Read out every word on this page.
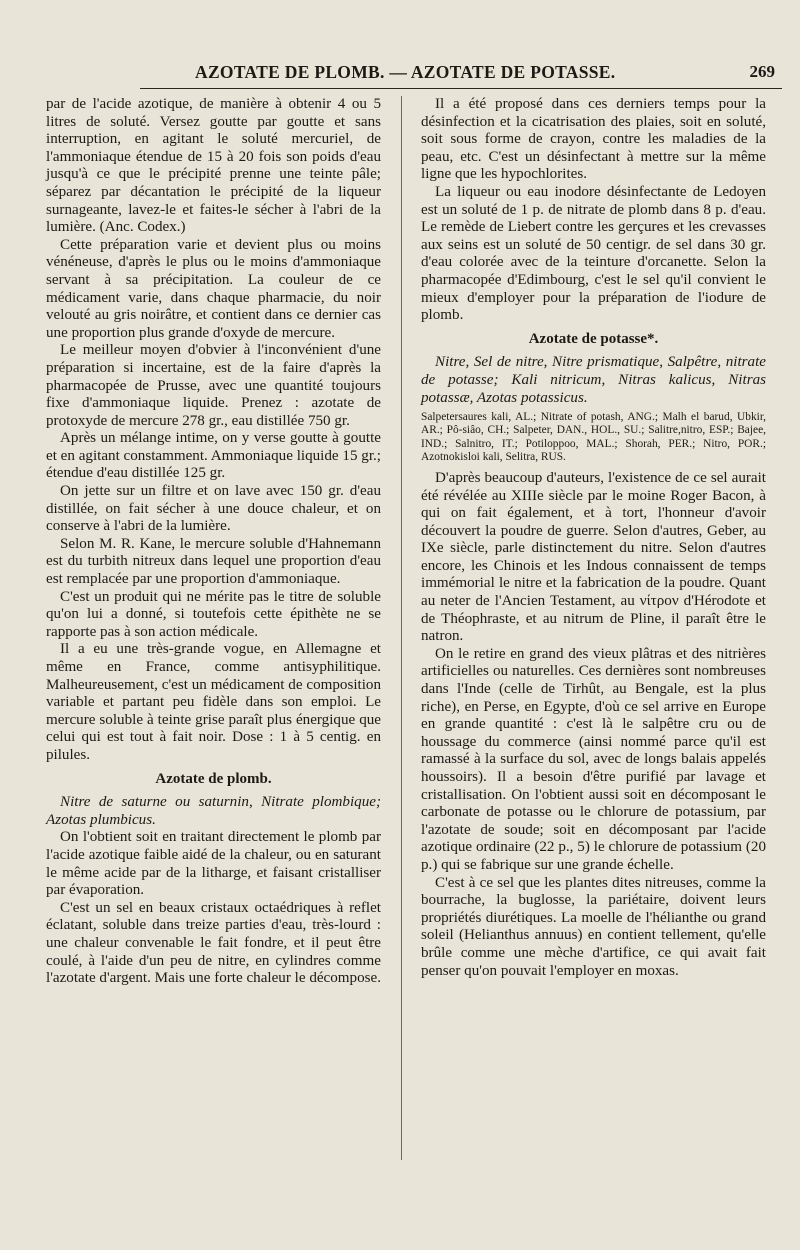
AZOTATE DE PLOMB. — AZOTATE DE POTASSE.	269

par de l'acide azotique, de manière à obtenir 4 ou 5 litres de soluté. Versez goutte par goutte et sans interruption, en agitant le soluté mercuriel, de l'ammoniaque étendue de 15 à 20 fois son poids d'eau jusqu'à ce que le précipité prenne une teinte pâle; séparez par décantation le précipité de la liqueur surnageante, lavez-le et faites-le sécher à l'abri de la lumière. (Anc. Codex.)

Cette préparation varie et devient plus ou moins vénéneuse, d'après le plus ou le moins d'ammoniaque servant à sa précipitation. La couleur de ce médicament varie, dans chaque pharmacie, du noir velouté au gris noirâtre, et contient dans ce dernier cas une proportion plus grande d'oxyde de mercure.

Le meilleur moyen d'obvier à l'inconvénient d'une préparation si incertaine, est de la faire d'après la pharmacopée de Prusse, avec une quantité toujours fixe d'ammoniaque liquide. Prenez : azotate de protoxyde de mercure 278 gr., eau distillée 750 gr.

Après un mélange intime, on y verse goutte à goutte et en agitant constamment. Ammoniaque liquide 15 gr.; étendue d'eau distillée 125 gr.

On jette sur un filtre et on lave avec 150 gr. d'eau distillée, on fait sécher à une douce chaleur, et on conserve à l'abri de la lumière.

Selon M. R. Kane, le mercure soluble d'Hahnemann est du turbith nitreux dans lequel une proportion d'eau est remplacée par une proportion d'ammoniaque.

C'est un produit qui ne mérite pas le titre de soluble qu'on lui a donné, si toutefois cette épithète ne se rapporte pas à son action médicale.

Il a eu une très-grande vogue, en Allemagne et même en France, comme antisyphilitique. Malheureusement, c'est un médicament de composition variable et partant peu fidèle dans son emploi. Le mercure soluble à teinte grise paraît plus énergique que celui qui est tout à fait noir. Dose : 1 à 5 centig. en pilules.

Azotate de plomb.

Nitre de saturne ou saturnin, Nitrate plombique; Azotas plumbicus.

On l'obtient soit en traitant directement le plomb par l'acide azotique faible aidé de la chaleur, ou en saturant le même acide par de la litharge, et faisant cristalliser par évaporation.

C'est un sel en beaux cristaux octaédriques à reflet éclatant, soluble dans treize parties d'eau, très-lourd : une chaleur convenable le fait fondre, et il peut être coulé, à l'aide d'un peu de nitre, en cylindres comme l'azotate d'argent. Mais une forte chaleur le décompose.

Il a été proposé dans ces derniers temps pour la désinfection et la cicatrisation des plaies, soit en soluté, soit sous forme de crayon, contre les maladies de la peau, etc. C'est un désinfectant à mettre sur la même ligne que les hypochlorites.

La liqueur ou eau inodore désinfectante de Ledoyen est un soluté de 1 p. de nitrate de plomb dans 8 p. d'eau. Le remède de Liebert contre les gerçures et les crevasses aux seins est un soluté de 50 centigr. de sel dans 30 gr. d'eau colorée avec de la teinture d'orcanette. Selon la pharmacopée d'Edimbourg, c'est le sel qu'il convient le mieux d'employer pour la préparation de l'iodure de plomb.

Azotate de potasse*.

Nitre, Sel de nitre, Nitre prismatique, Salpêtre, nitrate de potasse; Kali nitricum, Nitras kalicus, Nitras potassæ, Azotas potassicus.

Salpetersaures kali, AL.; Nitrate of potash, ANG.; Malh el barud, Ubkir, AR.; Pô-siâo, CH.; Salpeter, DAN., HOL., SU.; Salitre,nitro, ESP.; Bajee, IND.; Salnitro, IT.; Potiloppoo, MAL.; Shorah, PER.; Nitro, POR.; Azotnokisloi kali, Selitra, RUS.

D'après beaucoup d'auteurs, l'existence de ce sel aurait été révélée au XIIIe siècle par le moine Roger Bacon, à qui on fait également, et à tort, l'honneur d'avoir découvert la poudre de guerre. Selon d'autres, Geber, au IXe siècle, parle distinctement du nitre. Selon d'autres encore, les Chinois et les Indous connaissent de temps immémorial le nitre et la fabrication de la poudre. Quant au neter de l'Ancien Testament, au νίτρον d'Hérodote et de Théophraste, et au nitrum de Pline, il paraît être le natron.

On le retire en grand des vieux plâtras et des nitrières artificielles ou naturelles. Ces dernières sont nombreuses dans l'Inde (celle de Tirhût, au Bengale, est la plus riche), en Perse, en Egypte, d'où ce sel arrive en Europe en grande quantité : c'est là le salpêtre cru ou de houssage du commerce (ainsi nommé parce qu'il est ramassé à la surface du sol, avec de longs balais appelés houssoirs). Il a besoin d'être purifié par lavage et cristallisation. On l'obtient aussi soit en décomposant le carbonate de potasse ou le chlorure de potassium, par l'azotate de soude; soit en décomposant par l'acide azotique ordinaire (22 p., 5) le chlorure de potassium (20 p.) qui se fabrique sur une grande échelle.

C'est à ce sel que les plantes dites nitreuses, comme la bourrache, la buglosse, la pariétaire, doivent leurs propriétés diurétiques. La moelle de l'hélianthe ou grand soleil (Helianthus annuus) en contient tellement, qu'elle brûle comme une mèche d'artifice, ce qui avait fait penser qu'on pouvait l'employer en moxas.
